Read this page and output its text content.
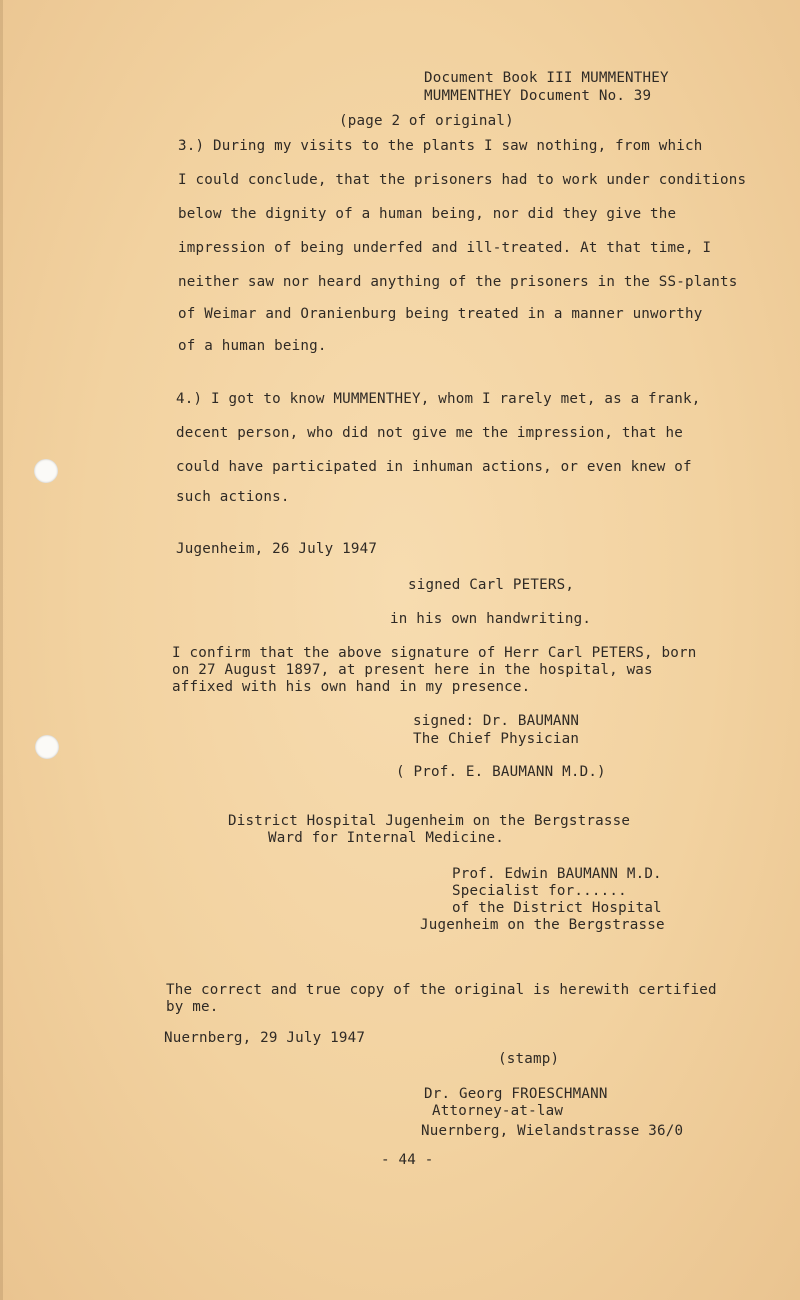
Document Book III MUMMENTHEY
MUMMENTHEY Document No. 39
(page 2 of original)
3.) During my visits to the plants I saw nothing, from which
I could conclude, that the prisoners had to work under conditions
below the dignity of a human being, nor did they give the
impression of being underfed and ill-treated. At that time, I
neither saw nor heard anything of the prisoners in the SS-plants
of Weimar and Oranienburg being treated in a manner unworthy
of a human being.
4.) I got to know MUMMENTHEY, whom I rarely met, as a frank,
decent person, who did not give me the impression, that he
could have participated in inhuman actions, or even knew of
such actions.
Jugenheim, 26 July 1947
signed Carl PETERS,
in his own handwriting.
I confirm that the above signature of Herr Carl PETERS, born
on 27 August 1897, at present here in the hospital, was
affixed with his own hand in my presence.
signed: Dr. BAUMANN
The Chief Physician
( Prof. E. BAUMANN M.D.)
District Hospital Jugenheim on the Bergstrasse
Ward for Internal Medicine.
Prof. Edwin BAUMANN M.D.
Specialist for......
of the District Hospital
Jugenheim on the Bergstrasse
The correct and true copy of the original is herewith certified
by me.
Nuernberg, 29 July 1947
(stamp)
Dr. Georg FROESCHMANN
Attorney-at-law
Nuernberg, Wielandstrasse 36/0
- 44 -
